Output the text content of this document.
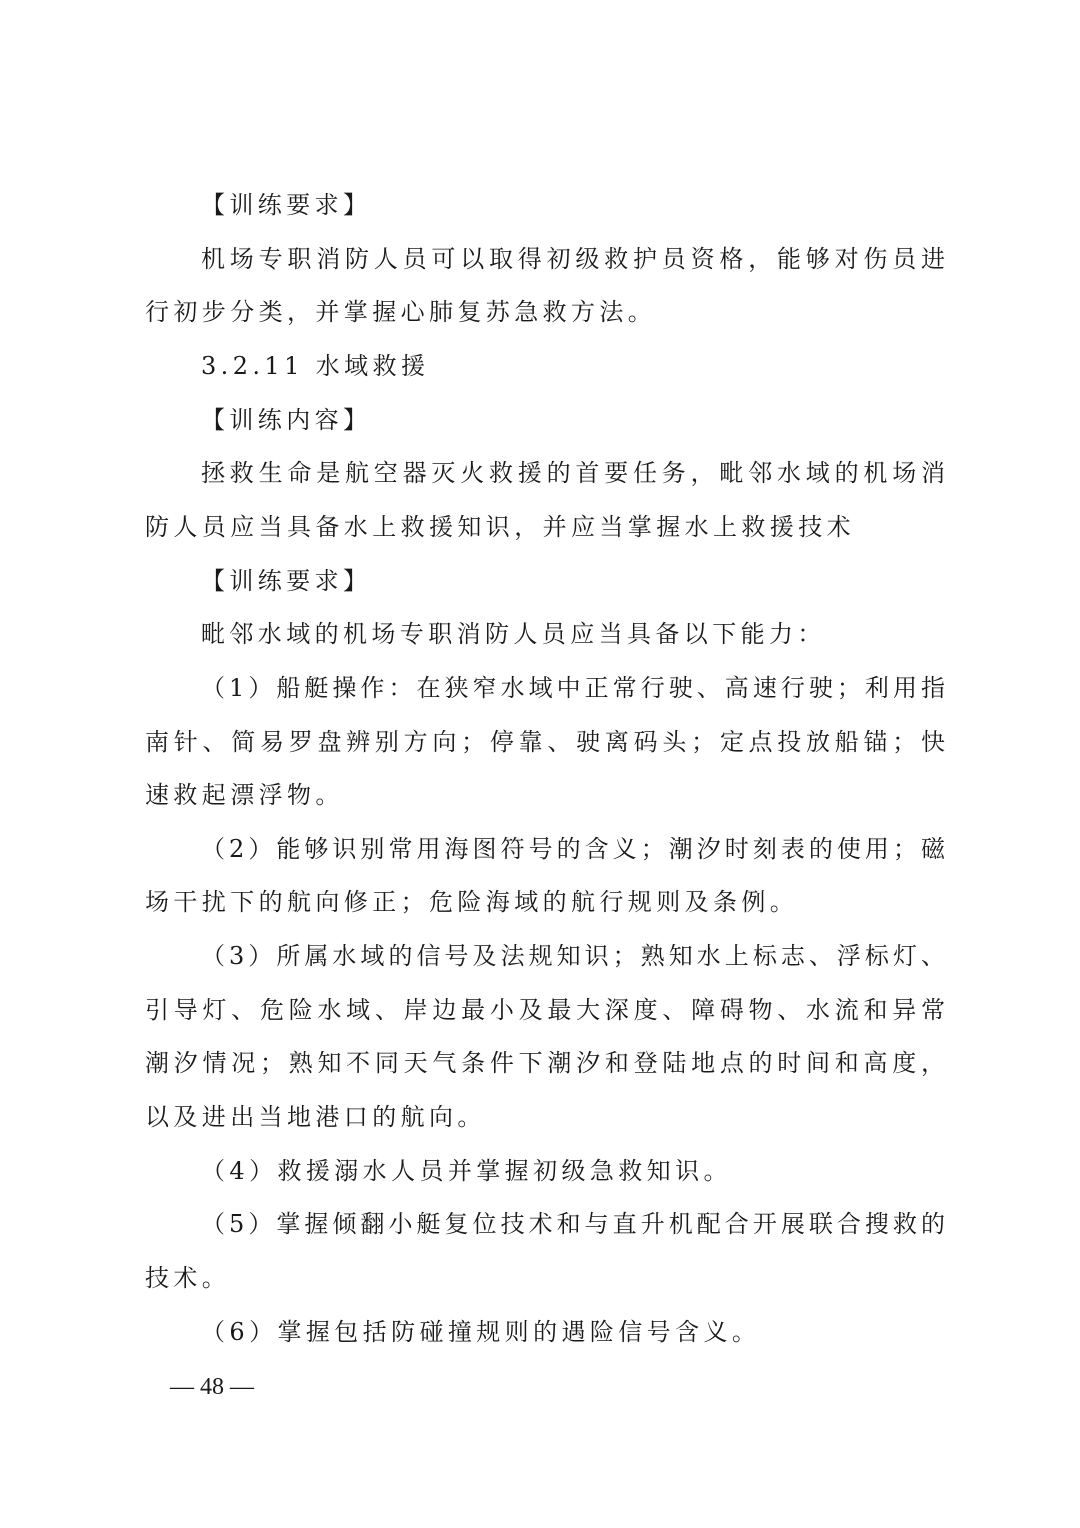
【训练要求】
机场专职消防人员可以取得初级救护员资格，能够对伤员进
行初步分类，并掌握心肺复苏急救方法。
3.2.11 水域救援
【训练内容】
拯救生命是航空器灭火救援的首要任务，毗邻水域的机场消
防人员应当具备水上救援知识，并应当掌握水上救援技术
【训练要求】
毗邻水域的机场专职消防人员应当具备以下能力：
（1）船艇操作：在狭窄水域中正常行驶、高速行驶；利用指
南针、简易罗盘辨别方向；停靠、驶离码头；定点投放船锚；快
速救起漂浮物。
（2）能够识别常用海图符号的含义；潮汐时刻表的使用；磁
场干扰下的航向修正；危险海域的航行规则及条例。
（3）所属水域的信号及法规知识；熟知水上标志、浮标灯、
引导灯、危险水域、岸边最小及最大深度、障碍物、水流和异常
潮汐情况；熟知不同天气条件下潮汐和登陆地点的时间和高度，
以及进出当地港口的航向。
（4）救援溺水人员并掌握初级急救知识。
（5）掌握倾翻小艇复位技术和与直升机配合开展联合搜救的
技术。
（6）掌握包括防碰撞规则的遇险信号含义。
— 48 —
